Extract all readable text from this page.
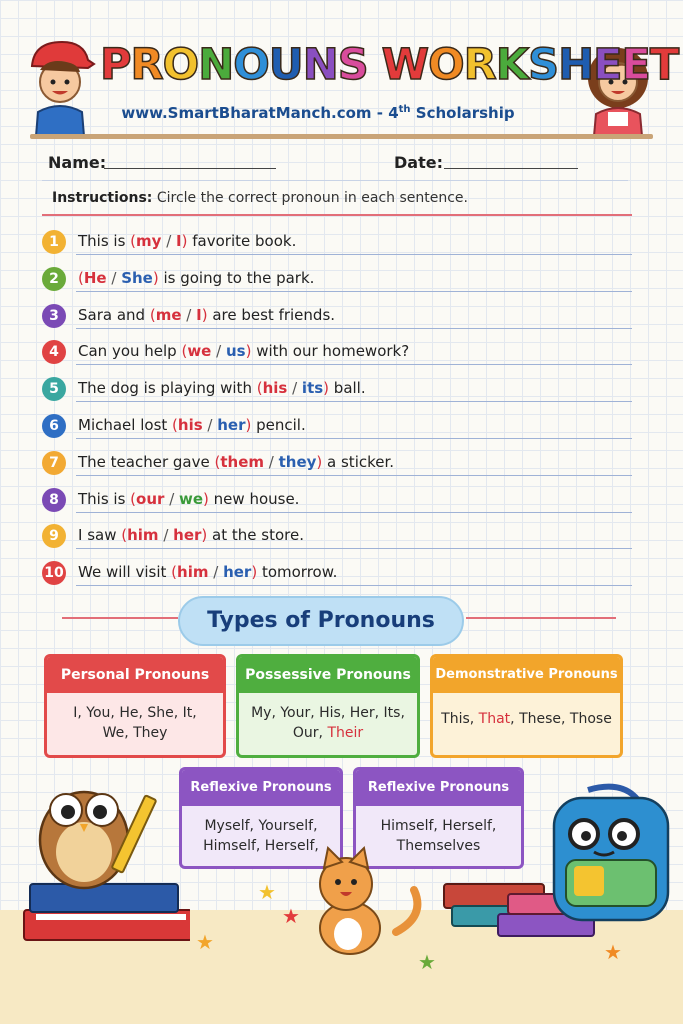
PRONOUNS WORKSHEET
www.SmartBharatManch.com - 4th Scholarship
Name:	Date:
Instructions: Circle the correct pronoun in each sentence.
1	This is (my / I) favorite book.
2	(He / She) is going to the park.
3	Sara and (me / I) are best friends.
4	Can you help (we / us) with our homework?
5	The dog is playing with (his / its) ball.
6	Michael lost (his / her) pencil.
7	The teacher gave (them / they) a sticker.
8	This is (our / we) new house.
9	I saw (him / her) at the store.
10 We will visit (him / her) tomorrow.
Types of Pronouns
Personal Pronouns
I, You, He, She, It,
We, They
Possessive Pronouns
My, Your, His, Her, Its,
Our, Their
Demonstrative Pronouns
This, That, These, Those
Reflexive Pronouns
Myself, Yourself,
Himself, Herself,
Reflexive Pronouns
Himself, Herself,
Themselves
★
★
★	★
★
